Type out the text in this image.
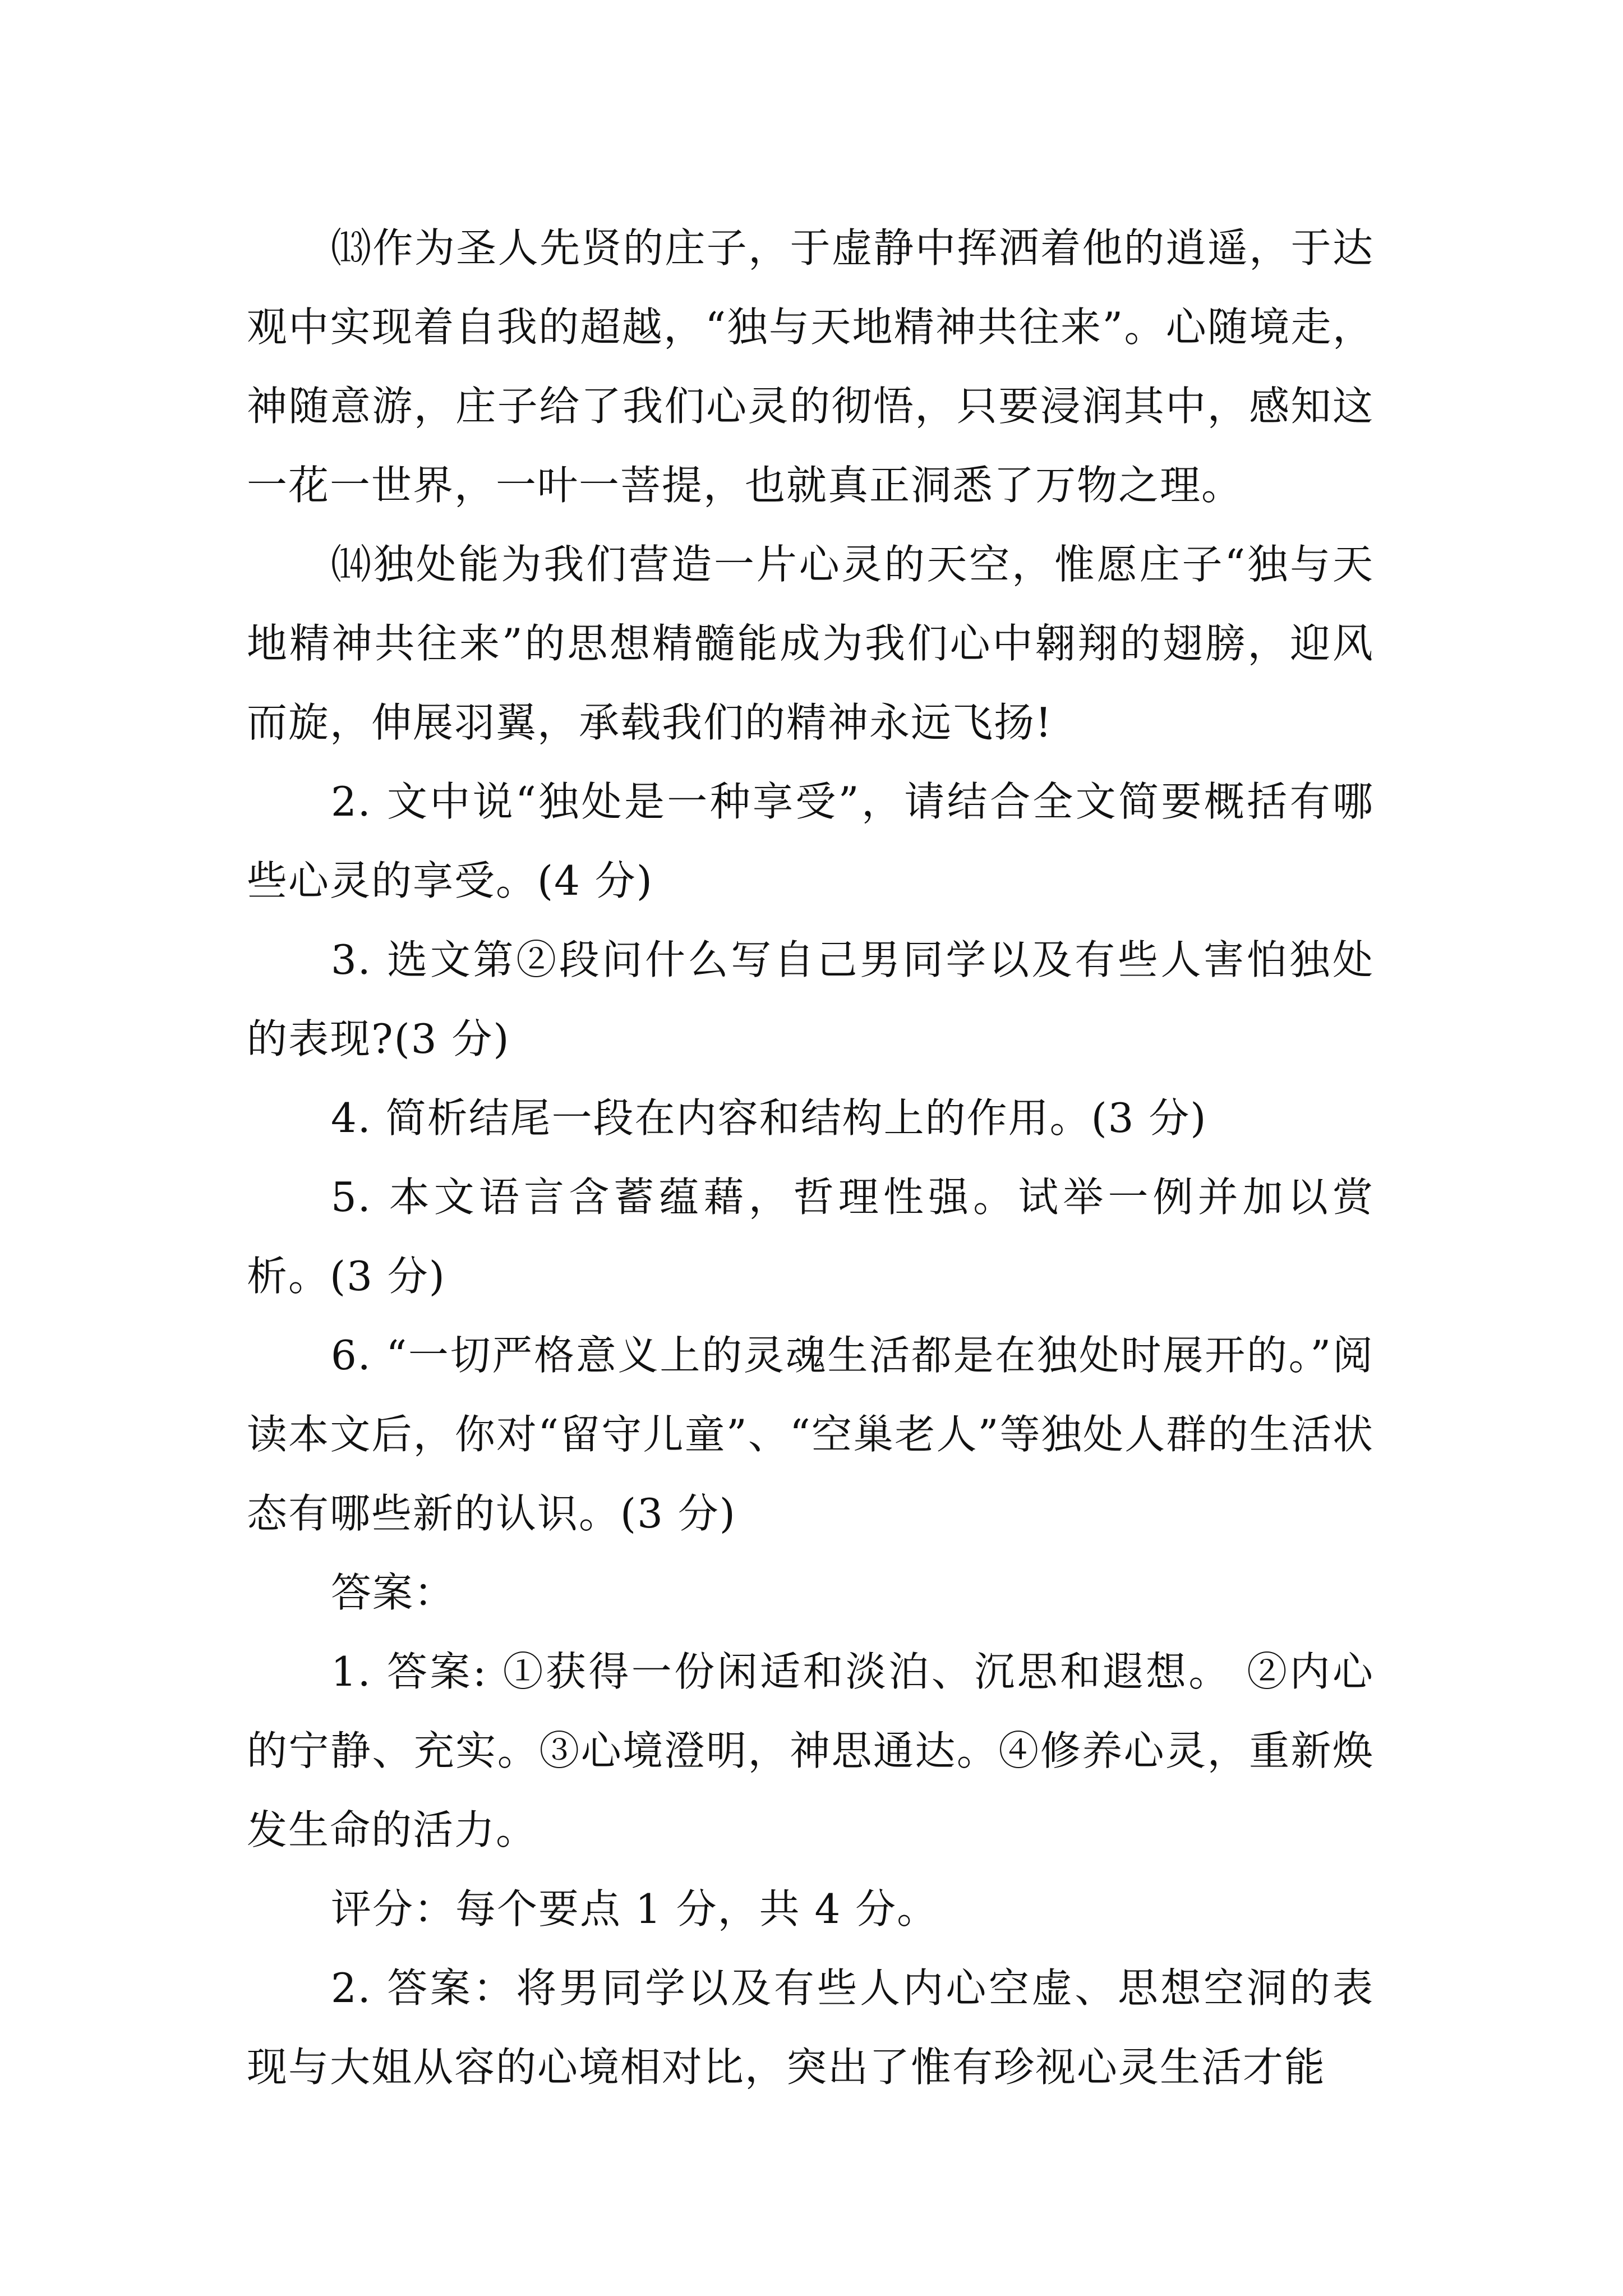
⒀作为圣人先贤的庄子，于虚静中挥洒着他的逍遥，于达观中实现着自我的超越，“独与天地精神共往来”。心随境走，神随意游，庄子给了我们心灵的彻悟，只要浸润其中，感知这一花一世界，一叶一菩提，也就真正洞悉了万物之理。

⒁独处能为我们营造一片心灵的天空，惟愿庄子“独与天地精神共往来”的思想精髓能成为我们心中翱翔的翅膀，迎风而旋，伸展羽翼，承载我们的精神永远飞扬!

2. 文中说“独处是一种享受”，请结合全文简要概括有哪些心灵的享受。(4 分)

3. 选文第②段问什么写自己男同学以及有些人害怕独处的表现?(3 分)

4. 简析结尾一段在内容和结构上的作用。(3 分)

5. 本文语言含蓄蕴藉，哲理性强。试举一例并加以赏析。(3 分)

6. “一切严格意义上的灵魂生活都是在独处时展开的。”阅读本文后，你对“留守儿童”、“空巢老人”等独处人群的生活状态有哪些新的认识。(3 分)

答案：

1. 答案: ①获得一份闲适和淡泊、沉思和遐想。 ②内心的宁静、充实。③心境澄明，神思通达。④修养心灵，重新焕发生命的活力。

评分：每个要点 1 分，共 4 分。

2. 答案：将男同学以及有些人内心空虚、思想空洞的表现与大姐从容的心境相对比，突出了惟有珍视心灵生活才能
